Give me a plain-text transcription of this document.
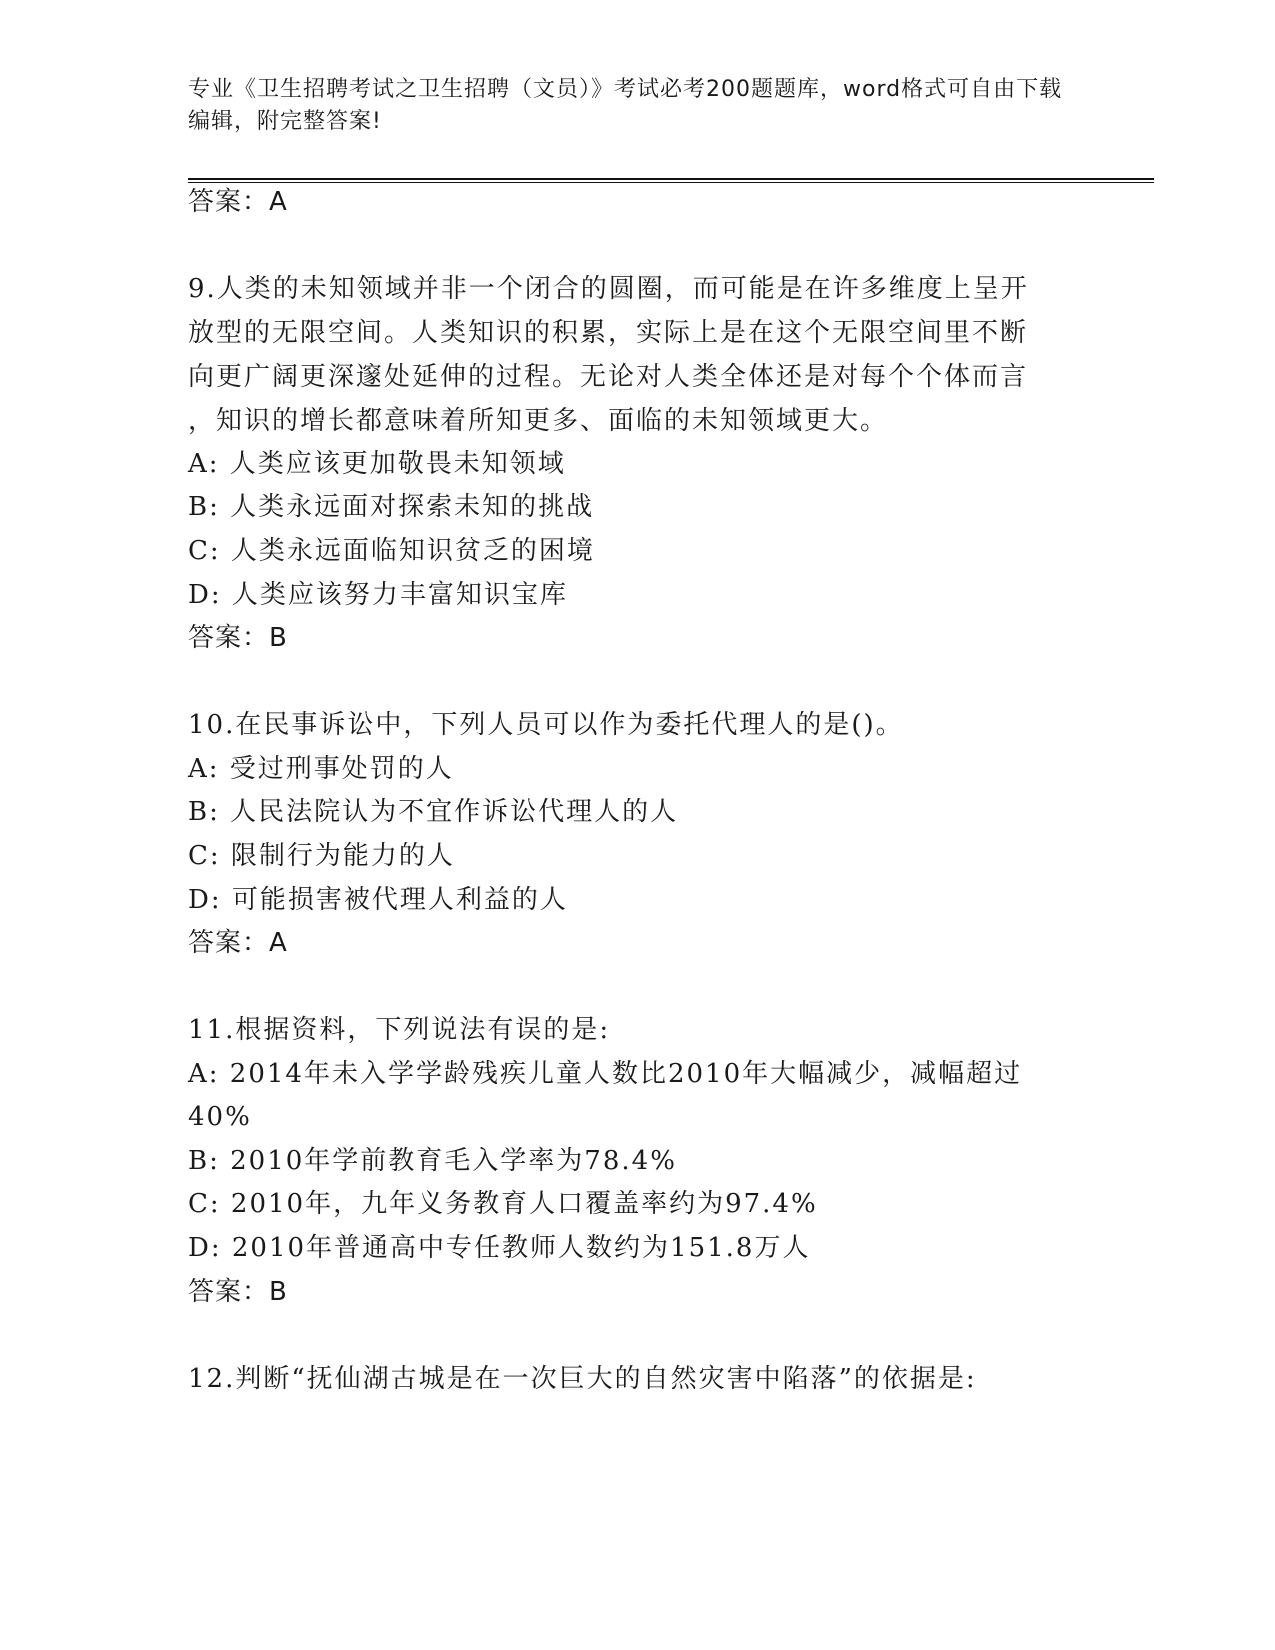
专业《卫生招聘考试之卫生招聘（文员）》考试必考200题题库，word格式可自由下载编辑，附完整答案!

答案：A

9.人类的未知领域并非一个闭合的圆圈，而可能是在许多维度上呈开

放型的无限空间。人类知识的积累，实际上是在这个无限空间里不断

向更广阔更深邃处延伸的过程。无论对人类全体还是对每个个体而言

，知识的增长都意味着所知更多、面临的未知领域更大。

A: 人类应该更加敬畏未知领域

B: 人类永远面对探索未知的挑战

C: 人类永远面临知识贫乏的困境

D: 人类应该努力丰富知识宝库

答案：B

10.在民事诉讼中，下列人员可以作为委托代理人的是()。

A: 受过刑事处罚的人

B: 人民法院认为不宜作诉讼代理人的人

C: 限制行为能力的人

D: 可能损害被代理人利益的人

答案：A

11.根据资料，下列说法有误的是:

A: 2014年未入学学龄残疾儿童人数比2010年大幅减少，减幅超过

40%

B: 2010年学前教育毛入学率为78.4%

C: 2010年，九年义务教育人口覆盖率约为97.4%

D: 2010年普通高中专任教师人数约为151.8万人

答案：B

12.判断“抚仙湖古城是在一次巨大的自然灾害中陷落”的依据是:
